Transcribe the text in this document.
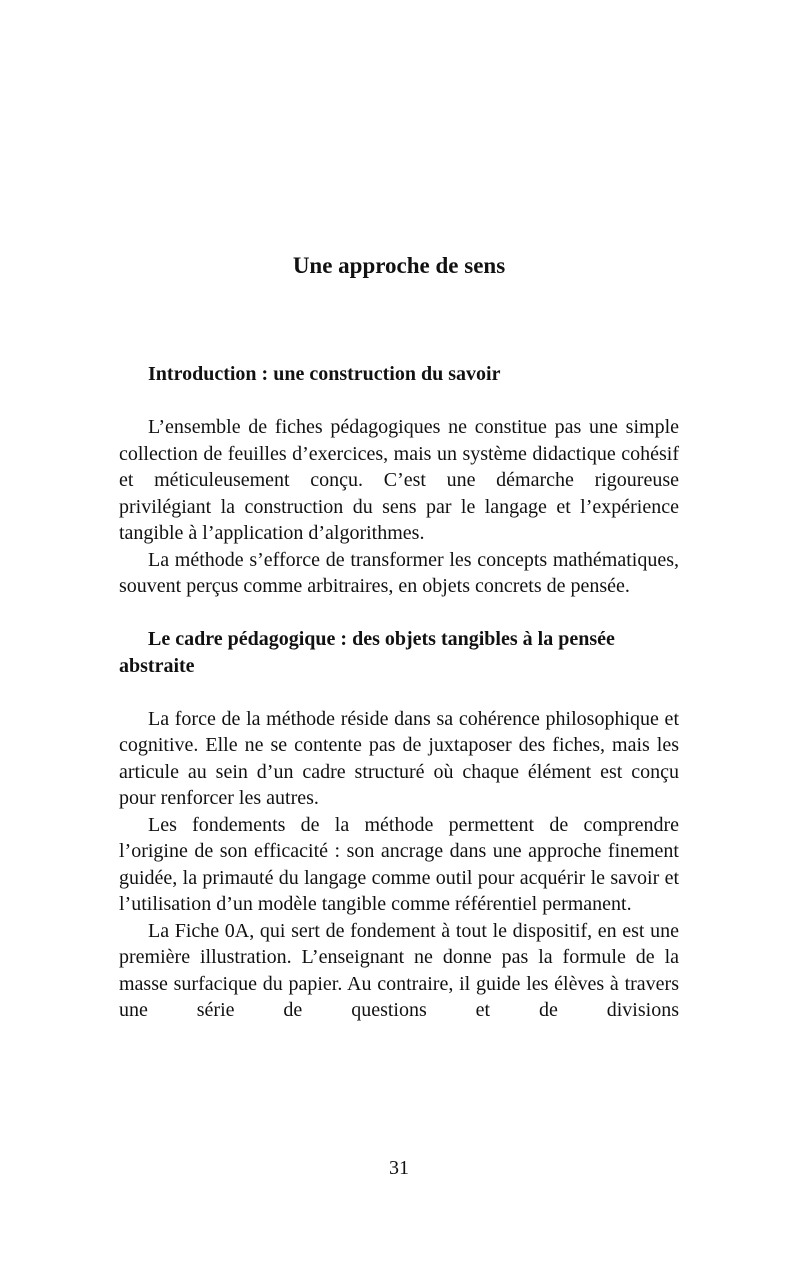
Une approche de sens

Introduction : une construction du savoir

L’ensemble de fiches pédagogiques ne constitue pas une simple collection de feuilles d’exercices, mais un système didactique cohésif et méticuleusement conçu. C’est une démarche rigoureuse privilégiant la construction du sens par le langage et l’expérience tangible à l’application d’algorithmes.

La méthode s’efforce de transformer les concepts mathématiques, souvent perçus comme arbitraires, en objets concrets de pensée.

Le cadre pédagogique : des objets tangibles à la pensée abstraite

La force de la méthode réside dans sa cohérence philosophique et cognitive. Elle ne se contente pas de juxtaposer des fiches, mais les articule au sein d’un cadre structuré où chaque élément est conçu pour renforcer les autres.

Les fondements de la méthode permettent de comprendre l’origine de son efficacité : son ancrage dans une approche finement guidée, la primauté du langage comme outil pour acquérir le savoir et l’utilisation d’un modèle tangible comme référentiel permanent.

La Fiche 0A, qui sert de fondement à tout le dispositif, en est une première illustration. L’enseignant ne donne pas la formule de la masse surfacique du papier. Au contraire, il guide les élèves à travers une série de questions et de divisions

31
